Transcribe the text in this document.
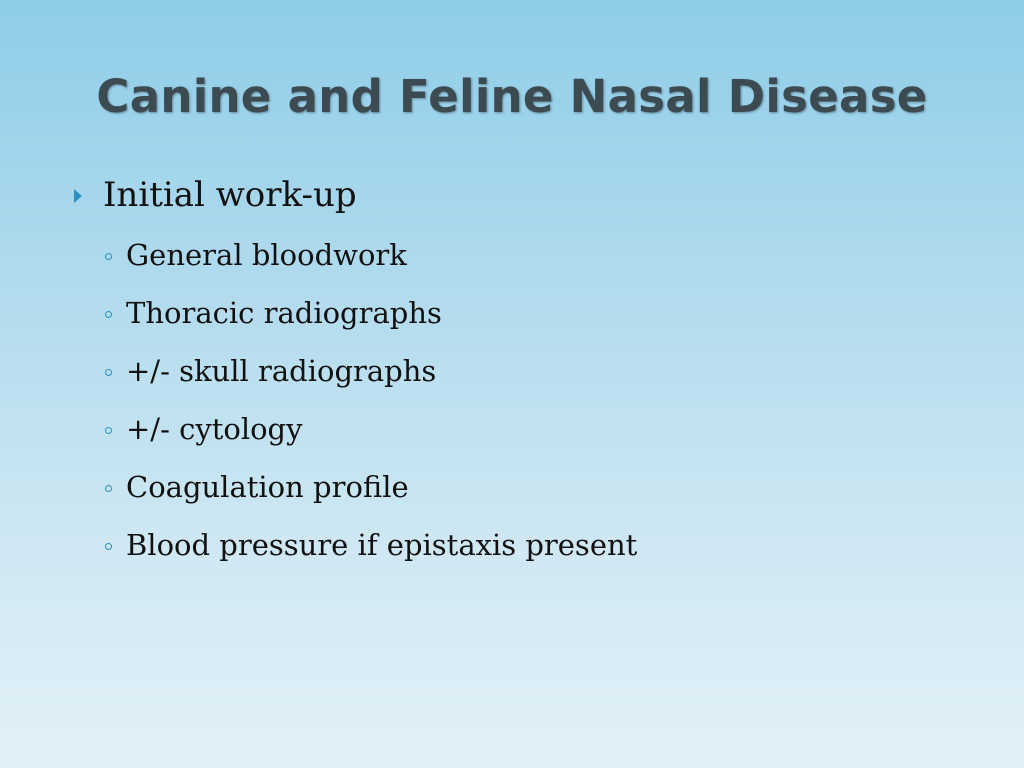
Canine and Feline Nasal Disease
Initial work-up
General bloodwork
Thoracic radiographs
+/- skull radiographs
+/- cytology
Coagulation profile
Blood pressure if epistaxis present
